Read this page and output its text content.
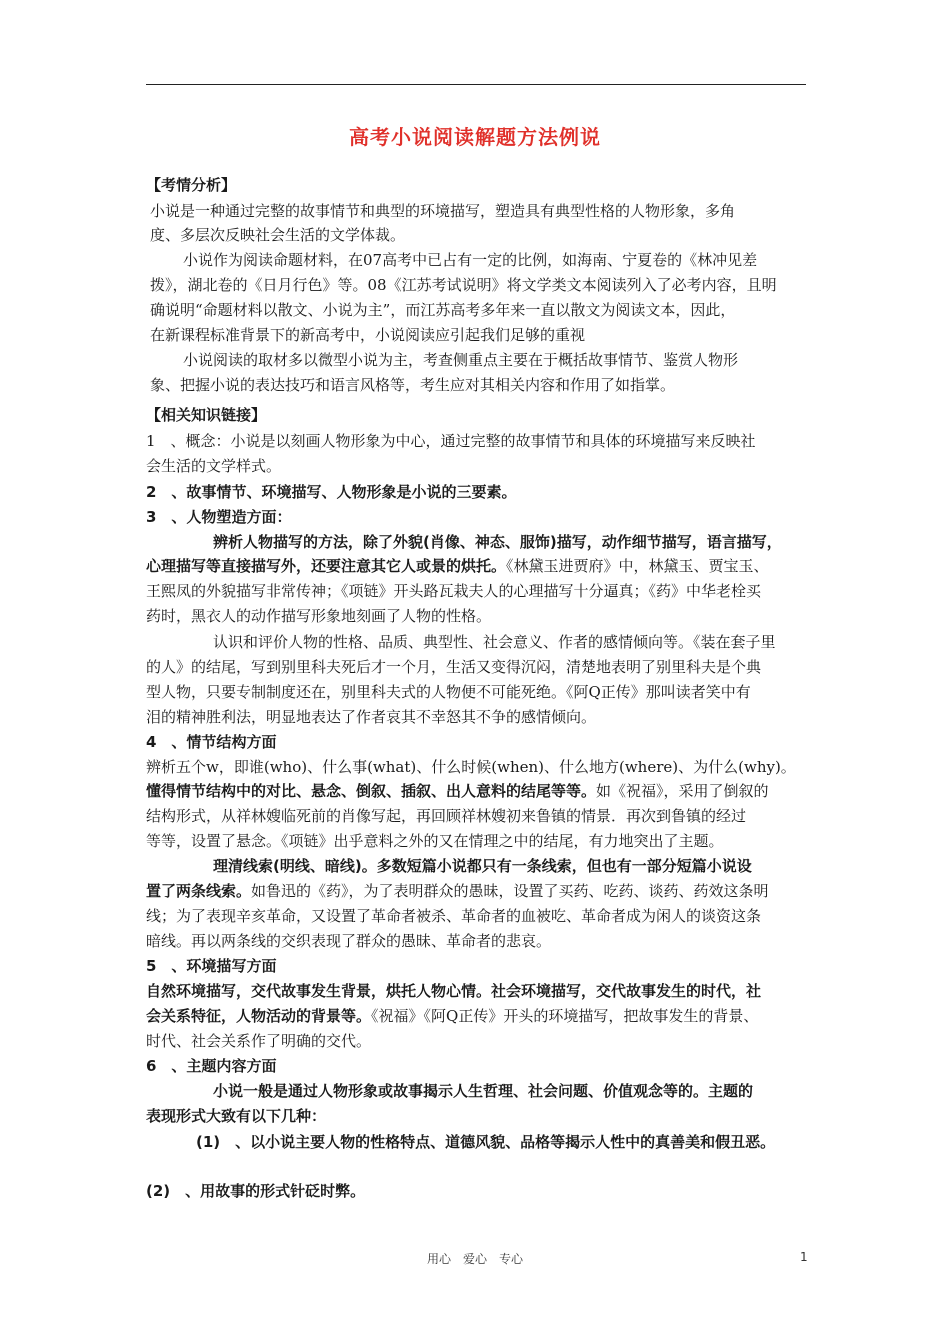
高考小说阅读解题方法例说
【考情分析】
小说是一种通过完整的故事情节和典型的环境描写，塑造具有典型性格的人物形象，多角
度、多层次反映社会生活的文学体裁。
小说作为阅读命题材料，在07高考中已占有一定的比例，如海南、宁夏卷的《林冲见差
拨》，湖北卷的《日月行色》等。08《江苏考试说明》将文学类文本阅读列入了必考内容，且明
确说明“命题材料以散文、小说为主”，而江苏高考多年来一直以散文为阅读文本，因此，
在新课程标准背景下的新高考中，小说阅读应引起我们足够的重视
小说阅读的取材多以微型小说为主，考查侧重点主要在于概括故事情节、鉴赏人物形
象、把握小说的表达技巧和语言风格等，考生应对其相关内容和作用了如指掌。
【相关知识链接】
1　、概念：小说是以刻画人物形象为中心，通过完整的故事情节和具体的环境描写来反映社
会生活的文学样式。
2　、故事情节、环境描写、人物形象是小说的三要素。
3　、人物塑造方面：
辨析人物描写的方法，除了外貌(肖像、神态、服饰)描写，动作细节描写，语言描写，
心理描写等直接描写外，还要注意其它人或景的烘托。《林黛玉进贾府》中，林黛玉、贾宝玉、
王熙凤的外貌描写非常传神；《项链》开头路瓦栽夫人的心理描写十分逼真；《药》中华老栓买
药时，黑衣人的动作描写形象地刻画了人物的性格。
认识和评价人物的性格、品质、典型性、社会意义、作者的感情倾向等。《装在套子里
的人》的结尾，写到别里科夫死后才一个月，生活又变得沉闷，清楚地表明了别里科夫是个典
型人物，只要专制制度还在，别里科夫式的人物便不可能死绝。《阿Q正传》那叫读者笑中有
泪的精神胜利法，明显地表达了作者哀其不幸怒其不争的感情倾向。
4　、情节结构方面
辨析五个w，即谁(who)、什么事(what)、什么时候(when)、什么地方(where)、为什么(why)。
懂得情节结构中的对比、悬念、倒叙、插叙、出人意料的结尾等等。如《祝福》，采用了倒叙的
结构形式，从祥林嫂临死前的肖像写起，再回顾祥林嫂初来鲁镇的情景．再次到鲁镇的经过
等等，设置了悬念。《项链》出乎意料之外的又在情理之中的结尾，有力地突出了主题。
理清线索(明线、暗线)。多数短篇小说都只有一条线索，但也有一部分短篇小说设
置了两条线索。如鲁迅的《药》，为了表明群众的愚昧，设置了买药、吃药、谈药、药效这条明
线；为了表现辛亥革命，又设置了革命者被杀、革命者的血被吃、革命者成为闲人的谈资这条
暗线。再以两条线的交织表现了群众的愚昧、革命者的悲哀。
5　、环境描写方面
自然环境描写，交代故事发生背景，烘托人物心情。社会环境描写，交代故事发生的时代，社
会关系特征，人物活动的背景等。《祝福》《阿Q正传》开头的环境描写，把故事发生的背景、
时代、社会关系作了明确的交代。
6　、主题内容方面
小说一般是通过人物形象或故事揭示人生哲理、社会问题、价值观念等的。主题的
表现形式大致有以下几种：
(1)　、以小说主要人物的性格特点、道德风貌、品格等揭示人性中的真善美和假丑恶。
(2)　、用故事的形式针砭时弊。
用心　爱心　专心	1
